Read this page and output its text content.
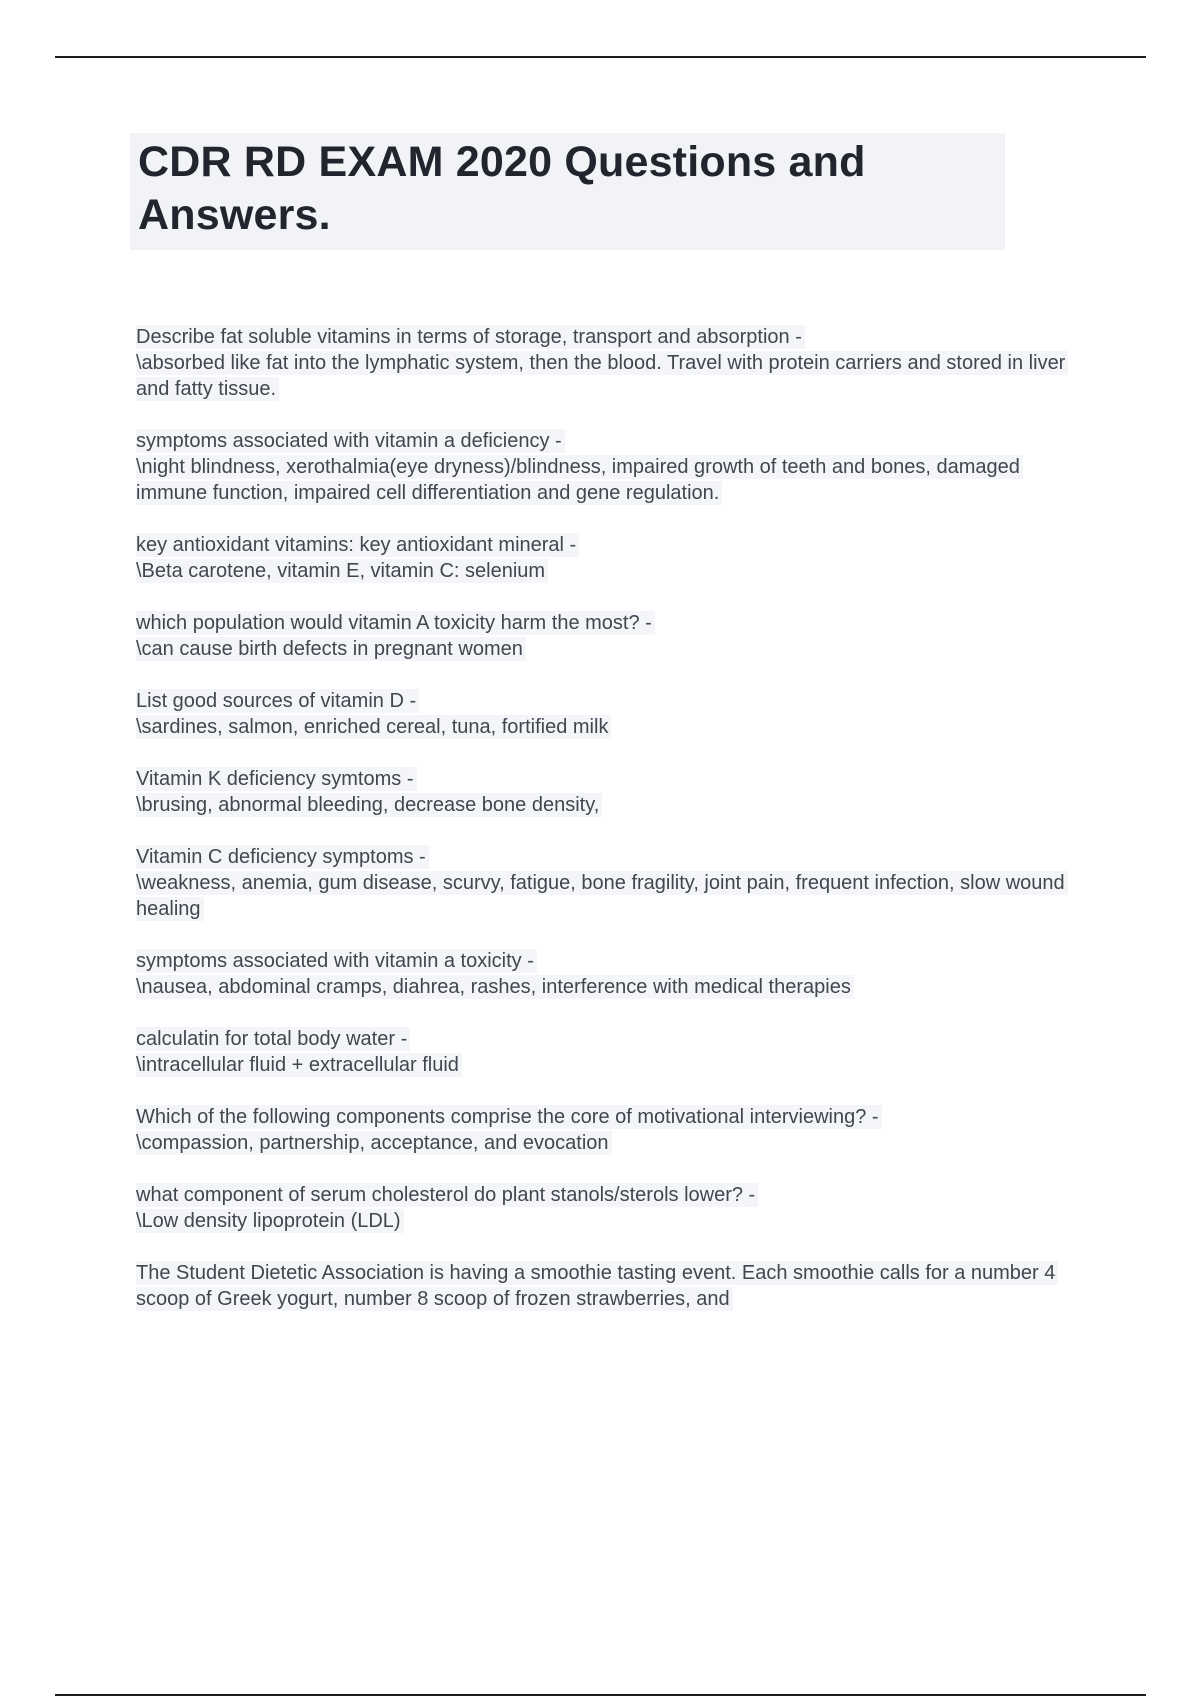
CDR RD EXAM 2020 Questions and Answers.

Describe fat soluble vitamins in terms of storage, transport and absorption -
\absorbed like fat into the lymphatic system, then the blood. Travel with protein carriers and stored in liver and fatty tissue.

symptoms associated with vitamin a deficiency -
\night blindness, xerothalmia(eye dryness)/blindness, impaired growth of teeth and bones, damaged immune function, impaired cell differentiation and gene regulation.

key antioxidant vitamins: key antioxidant mineral -
\Beta carotene, vitamin E, vitamin C: selenium

which population would vitamin A toxicity harm the most? -
\can cause birth defects in pregnant women

List good sources of vitamin D -
\sardines, salmon, enriched cereal, tuna, fortified milk

Vitamin K deficiency symtoms -
\brusing, abnormal bleeding, decrease bone density,

Vitamin C deficiency symptoms -
\weakness, anemia, gum disease, scurvy, fatigue, bone fragility, joint pain, frequent infection, slow wound healing

symptoms associated with vitamin a toxicity -
\nausea, abdominal cramps, diahrea, rashes, interference with medical therapies

calculatin for total body water -
\intracellular fluid + extracellular fluid

Which of the following components comprise the core of motivational interviewing? -
\compassion, partnership, acceptance, and evocation

what component of serum cholesterol do plant stanols/sterols lower? -
\Low density lipoprotein (LDL)

The Student Dietetic Association is having a smoothie tasting event. Each smoothie calls for a number 4 scoop of Greek yogurt, number 8 scoop of frozen strawberries, and
